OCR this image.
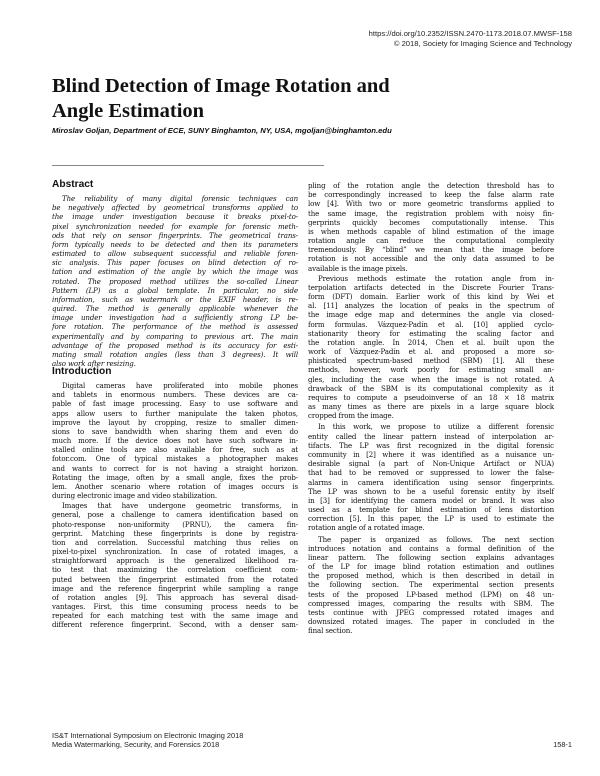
https://doi.org/10.2352/ISSN.2470-1173.2018.07.MWSF-158
© 2018, Society for Imaging Science and Technology
Blind Detection of Image Rotation and
Angle Estimation
Miroslav Goljan, Department of ECE, SUNY Binghamton, NY, USA, mgoljan@binghamton.edu
Abstract

The reliability of many digital forensic techniques can

be negatively affected by geometrical transforms applied to

the image under investigation because it breaks pixel-to-

pixel synchronization needed for example for forensic meth-

ods that rely on sensor fingerprints. The geometrical trans-

form typically needs to be detected and then its parameters

estimated to allow subsequent successful and reliable foren-

sic analysis. This paper focuses on blind detection of ro-

tation and estimation of the angle by which the image was

rotated. The proposed method utilizes the so-called Linear

Pattern (LP) as a global template. In particular, no side

information, such as watermark or the EXIF header, is re-

quired. The method is generally applicable whenever the

image under investigation had a sufficiently strong LP be-

fore rotation. The performance of the method is assessed

experimentally and by comparing to previous art. The main

advantage of the proposed method is its accuracy for esti-

mating small rotation angles (less than 3 degrees). It will

also work after resizing.

Introduction

Digital cameras have proliferated into mobile phones

and tablets in enormous numbers. These devices are ca-

pable of fast image processing. Easy to use software and

apps allow users to further manipulate the taken photos,

improve the layout by cropping, resize to smaller dimen-

sions to save bandwidth when sharing them and even do

much more. If the device does not have such software in-

stalled online tools are also available for free, such as at

fotor.com. One of typical mistakes a photographer makes

and wants to correct for is not having a straight horizon.

Rotating the image, often by a small angle, fixes the prob-

lem. Another scenario where rotation of images occurs is

during electronic image and video stabilization.

Images that have undergone geometric transforms, in

general, pose a challenge to camera identification based on

photo-response non-uniformity (PRNU), the camera fin-

gerprint. Matching these fingerprints is done by registra-

tion and correlation. Successful matching thus relies on

pixel-to-pixel synchronization. In case of rotated images, a

straightforward approach is the generalized likelihood ra-

tio test that maximizing the correlation coefficient com-

puted between the fingerprint estimated from the rotated

image and the reference fingerprint while sampling a range

of rotation angles [9]. This approach has several disad-

vantages. First, this time consuming process needs to be

repeated for each matching test with the same image and

different reference fingerprint. Second, with a denser sam-

pling of the rotation angle the detection threshold has to

be correspondingly increased to keep the false alarm rate

low [4]. With two or more geometric transforms applied to

the same image, the registration problem with noisy fin-

gerprints quickly becomes computationally intense. This

is when methods capable of blind estimation of the image

rotation angle can reduce the computational complexity

tremendously. By “blind” we mean that the image before

rotation is not accessible and the only data assumed to be

available is the image pixels.

Previous methods estimate the rotation angle from in-

terpolation artifacts detected in the Discrete Fourier Trans-

form (DFT) domain. Earlier work of this kind by Wei et

al. [11] analyzes the location of peaks in the spectrum of

the image edge map and determines the angle via closed-

form formulas. Vázquez-Padín et al. [10] applied cyclo-

stationarity theory for estimating the scaling factor and

the rotation angle. In 2014, Chen et al. built upon the

work of Vázquez-Padín et al. and proposed a more so-

phisticated spectrum-based method (SBM) [1]. All these

methods, however, work poorly for estimating small an-

gles, including the case when the image is not rotated. A

drawback of the SBM is its computational complexity as it

requires to compute a pseudoinverse of an 18 × 18 matrix

as many times as there are pixels in a large square block

cropped from the image.

In this work, we propose to utilize a different forensic

entity called the linear pattern instead of interpolation ar-

tifacts. The LP was first recognized in the digital forensic

community in [2] where it was identified as a nuisance un-

desirable signal (a part of Non-Unique Artifact or NUA)

that had to be removed or suppressed to lower the false-

alarms in camera identification using sensor fingerprints.

The LP was shown to be a useful forensic entity by itself

in [3] for identifying the camera model or brand. It was also

used as a template for blind estimation of lens distortion

correction [5]. In this paper, the LP is used to estimate the

rotation angle of a rotated image.

The paper is organized as follows. The next section

introduces notation and contains a formal definition of the

linear pattern. The following section explains advantages

of the LP for image blind rotation estimation and outlines

the proposed method, which is then described in detail in

the following section. The experimental section presents

tests of the proposed LP-based method (LPM) on 48 un-

compressed images, comparing the results with SBM. The

tests continue with JPEG compressed rotated images and

downsized rotated images. The paper in concluded in the

final section.

IS&T International Symposium on Electronic Imaging 2018
Media Watermarking, Security, and Forensics 2018	158-1
